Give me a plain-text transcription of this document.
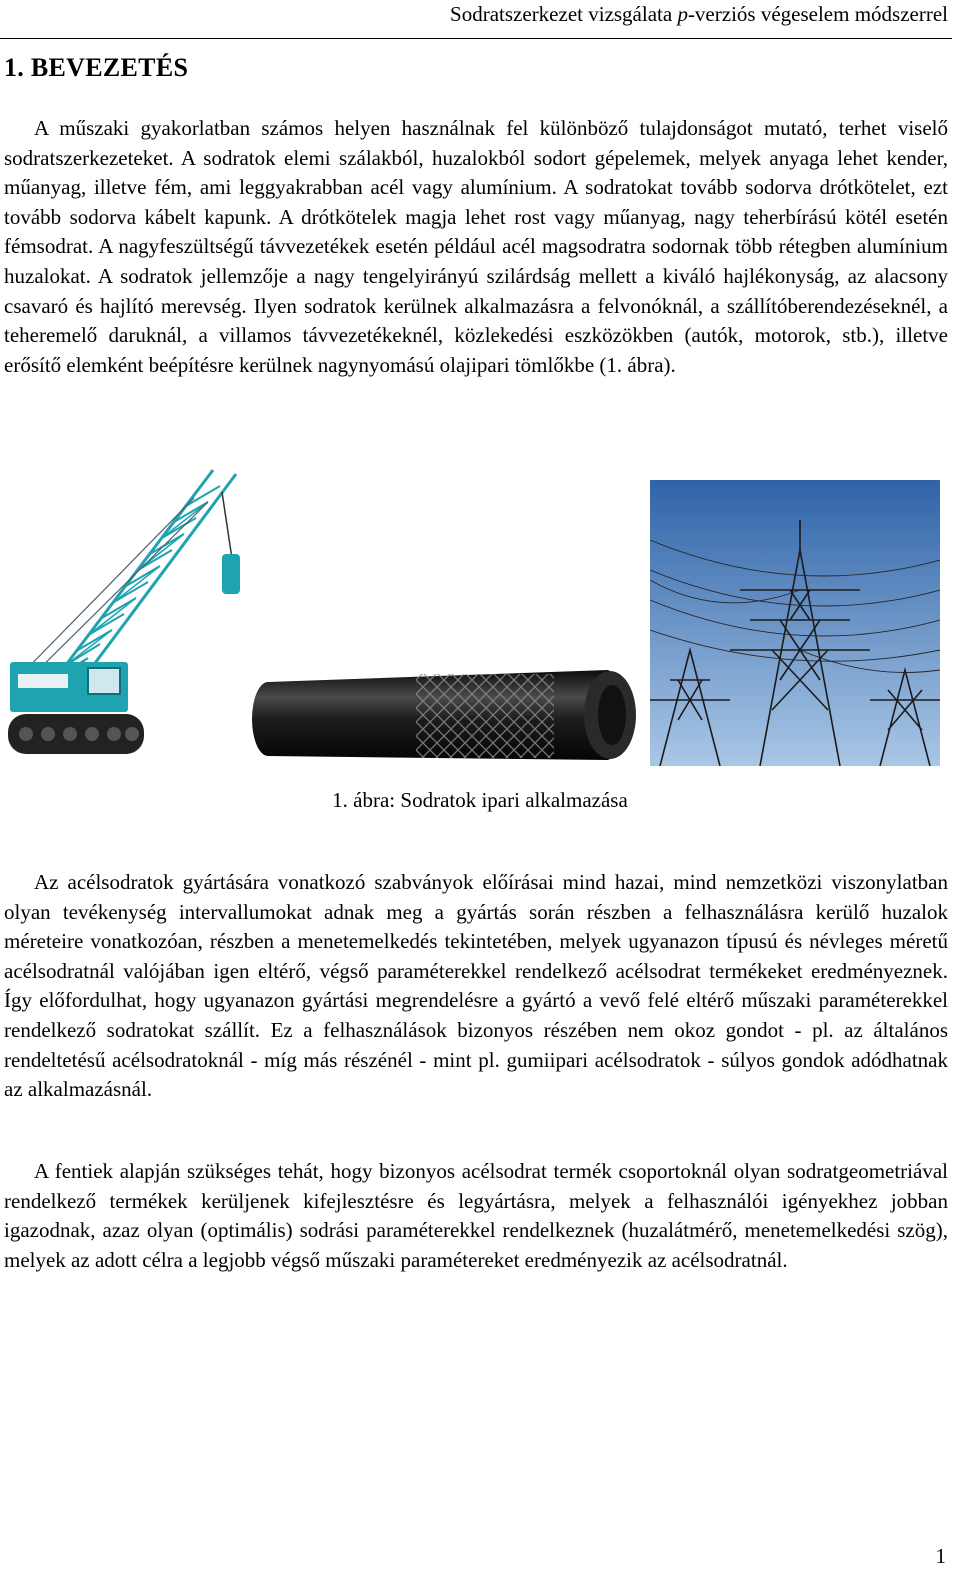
Sodratszerkezet vizsgálata p-verziós végeselem módszerrel
1. BEVEZETÉS

A műszaki gyakorlatban számos helyen használnak fel különböző tulajdonságot mutató, terhet viselő sodratszerkezeteket. A sodratok elemi szálakból, huzalokból sodort gépelemek, melyek anyaga lehet kender, műanyag, illetve fém, ami leggyakrabban acél vagy alumínium. A sodratokat tovább sodorva drótkötelet, ezt tovább sodorva kábelt kapunk. A drótkötelek magja lehet rost vagy műanyag, nagy teherbírású kötél esetén fémsodrat. A nagyfeszültségű távvezetékek esetén például acél magsodratra sodornak több rétegben alumínium huzalokat. A sodratok jellemzője a nagy tengelyirányú szilárdság mellett a kiváló hajlékonyság, az alacsony csavaró és hajlító merevség. Ilyen sodratok kerülnek alkalmazásra a felvonóknál, a szállítóberendezéseknél, a teheremelő daruknál, a villamos távvezetékeknél, közlekedési eszközökben (autók, motorok, stb.), illetve erősítő elemként beépítésre kerülnek nagynyomású olajipari tömlőkbe (1. ábra).

1. ábra: Sodratok ipari alkalmazása

Az acélsodratok gyártására vonatkozó szabványok előírásai mind hazai, mind nemzetközi viszonylatban olyan tevékenység intervallumokat adnak meg a gyártás során részben a felhasználásra kerülő huzalok méreteire vonatkozóan, részben a menetemelkedés tekintetében, melyek ugyanazon típusú és névleges méretű acélsodratnál valójában igen eltérő, végső paraméterekkel rendelkező acélsodrat termékeket eredményeznek. Így előfordulhat, hogy ugyanazon gyártási megrendelésre a gyártó a vevő felé eltérő műszaki paraméterekkel rendelkező sodratokat szállít. Ez a felhasználások bizonyos részében nem okoz gondot - pl. az általános rendeltetésű acélsodratoknál - míg más részénél - mint pl. gumiipari acélsodratok - súlyos gondok adódhatnak az alkalmazásnál.

A fentiek alapján szükséges tehát, hogy bizonyos acélsodrat termék csoportoknál olyan sodratgeometriával rendelkező termékek kerüljenek kifejlesztésre és legyártásra, melyek a felhasználói igényekhez jobban igazodnak, azaz olyan (optimális) sodrási paraméterekkel rendelkeznek (huzalátmérő, menetemelkedési szög), melyek az adott célra a legjobb végső műszaki paramétereket eredményezik az acélsodratnál.

1
